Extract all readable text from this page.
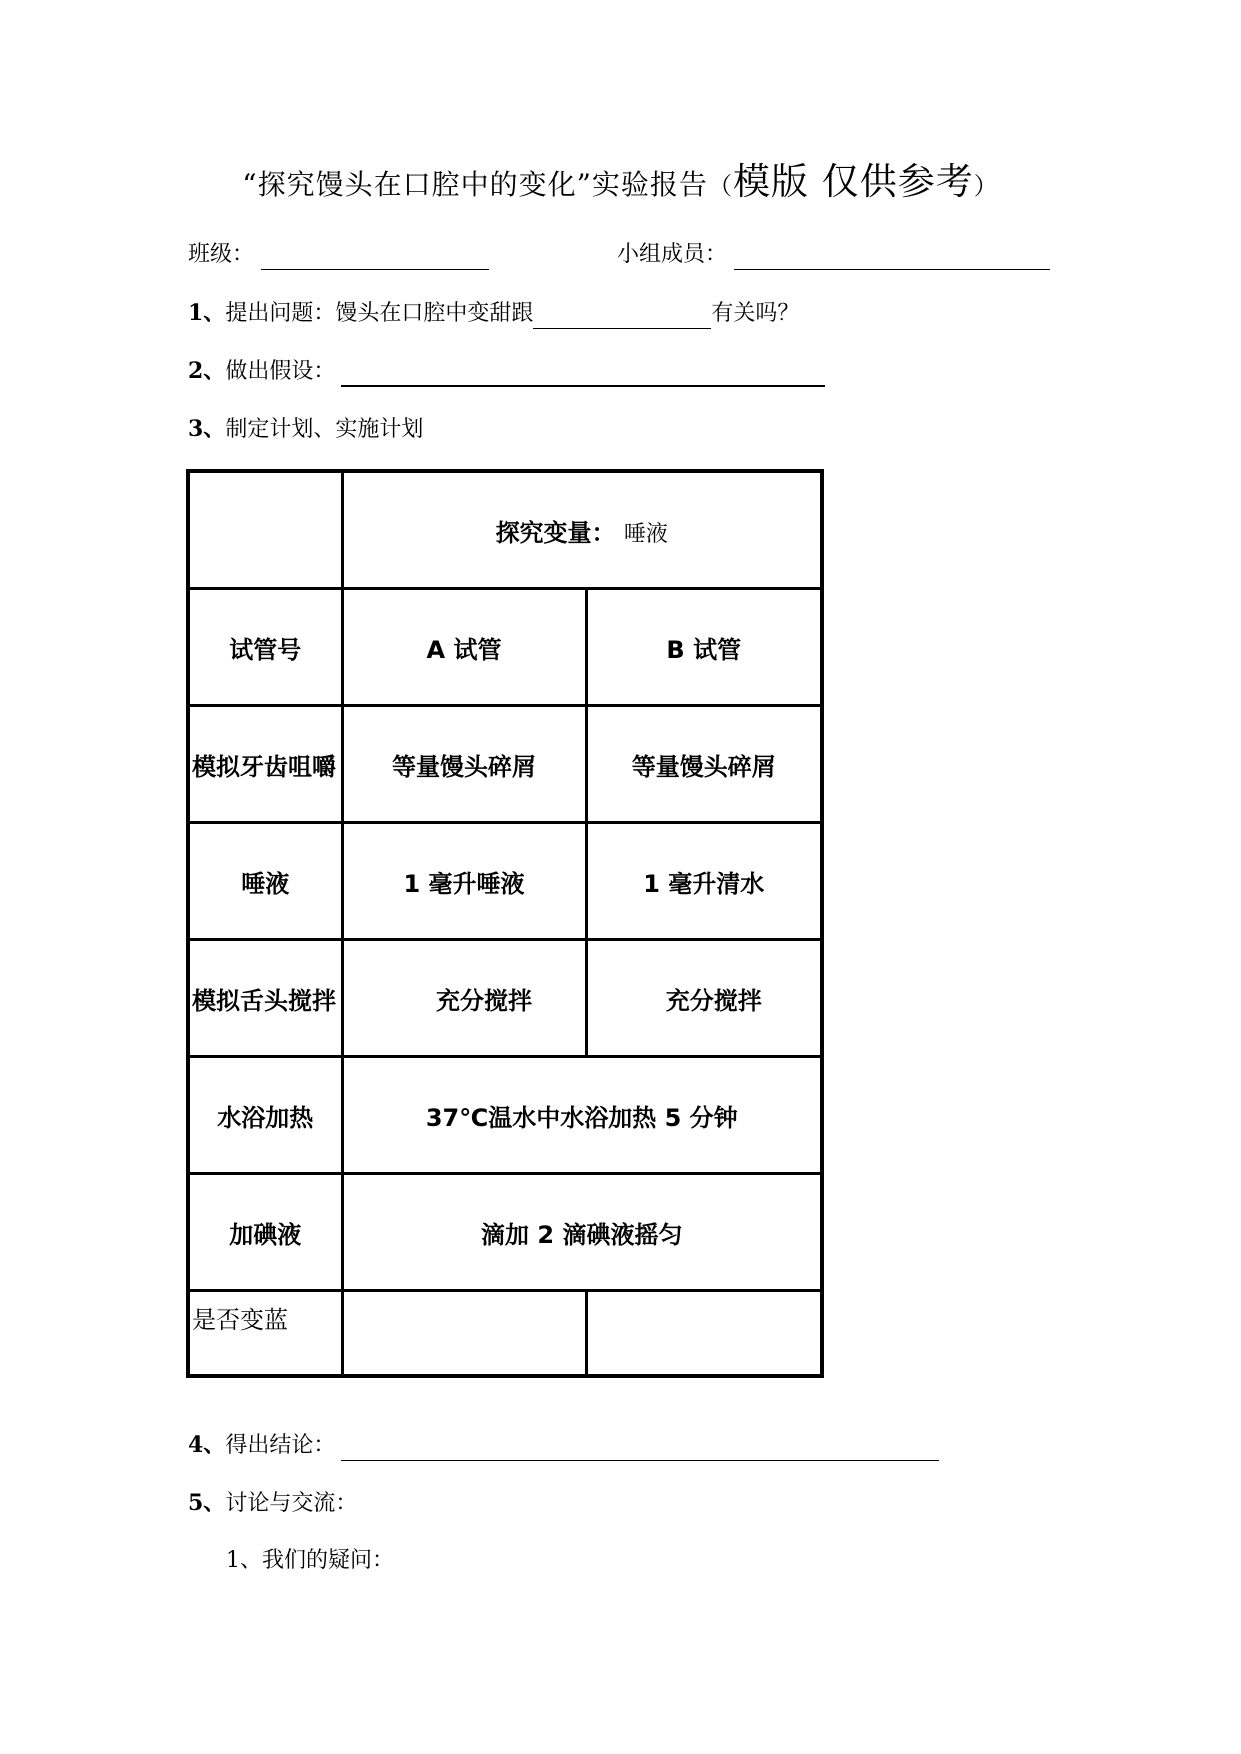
“探究馒头在口腔中的变化”实验报告（模版 仅供参考）
班级：	小组成员：
1、提出问题：馒头在口腔中变甜跟	有关吗？
2、做出假设：
3、制定计划、实施计划
	探究变量： 唾液	
试管号	A 试管	B 试管
模拟牙齿咀嚼	等量馒头碎屑	等量馒头碎屑
唾液	1 毫升唾液	1 毫升清水
模拟舌头搅拌	充分搅拌	充分搅拌
水浴加热	37℃温水中水浴加热 5 分钟	
加碘液	滴加 2 滴碘液摇匀	
是否变蓝		
4、得出结论：
5、讨论与交流：
1、我们的疑问：
